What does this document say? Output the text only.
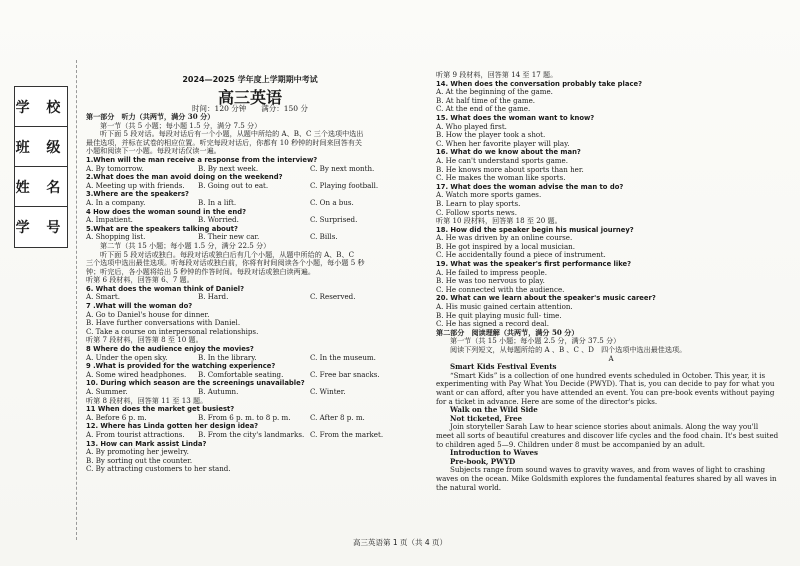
学 校
班 级
姓 名
学 号
2024—2025 学年度上学期期中考试
高三英语
时间：120 分钟　　满分：150 分
第一部分　听力（共两节，满分 30 分）
第一节（共 5 小题；每小题 1.5 分，满分 7.5 分）
听下面 5 段对话。每段对话后有一个小题，从题中所给的 A、B、C 三个选项中选出
最佳选项，并标在试卷的相应位置。听完每段对话后，你都有 10 秒钟的时间来回答有关
小题和阅读下一小题。每段对话仅读一遍。
1.When will the man receive a response from the interview?
A. By tomorrow.	B. By next week.	C. By next month.
2.What does the man avoid doing on the weekend?
A. Meeting up with friends.	B. Going out to eat.	C. Playing football.
3.Where are the speakers?
A. In a company.	B. In a lift.	C. On a bus.
4 How does the woman sound in the end?
A. Impatient.	B. Worried.	C. Surprised.
5.What are the speakers talking about?
A. Shopping list.	B. Their new car.	C. Bills.
第二节（共 15 小题；每小题 1.5 分，满分 22.5 分）
听下面 5 段对话或独白。每段对话或独白后有几个小题，从题中所给的 A、B、C
三个选项中选出最佳选项。听每段对话或独白前，你将有时间阅读各个小题，每小题 5 秒
钟；听完后，各小题将给出 5 秒钟的作答时间。每段对话或独白读两遍。
听第 6 段材料，回答第 6、7 题。
6. What does the woman think of Daniel?
A. Smart.	B. Hard.	C. Reserved.
7 .What will the woman do?
A. Go to Daniel's house for dinner.
B. Have further conversations with Daniel.
C. Take a course on interpersonal relationships.
听第 7 段材料，回答第 8 至 10 题。
8 Where do the audience enjoy the movies?
A. Under the open sky.	B. In the library.	C. In the museum.
9 .What is provided for the watching experience?
A. Some wired headphones.	B. Comfortable seating.	C. Free bar snacks.
10. During which season are the screenings unavailable?
A. Summer.	B. Autumn.	C. Winter.
听第 8 段材料，回答第 11 至 13 题。
11 When does the market get busiest?
A. Before 6 p. m.	B. From 6 p. m. to 8 p. m.	C. After 8 p. m.
12. Where has Linda gotten her design idea?
A. From tourist attractions.	B. From the city's landmarks. C. From the market.
13. How can Mark assist Linda?
A. By promoting her jewelry.
B. By sorting out the counter.
C. By attracting customers to her stand.
听第 9 段材料，回答第 14 至 17 题。
14. When does the conversation probably take place?
A. At the beginning of the game.
B. At half time of the game.
C. At the end of the game.
15. What does the woman want to know?
A. Who played first.
B. How the player took a shot.
C. When her favorite player will play.
16. What do we know about the man?
A. He can't understand sports game.
B. He knows more about sports than her.
C. He makes the woman like sports.
17. What does the woman advise the man to do?
A. Watch more sports games.
B. Learn to play sports.
C. Follow sports news.
听第 10 段材料，回答第 18 至 20 题。
18. How did the speaker begin his musical journey?
A. He was driven by an online course.
B. He got inspired by a local musician.
C. He accidentally found a piece of instrument.
19. What was the speaker's first performance like?
A. He failed to impress people.
B. He was too nervous to play.
C. He connected with the audience.
20. What can we learn about the speaker's music career?
A. His music gained certain attention.
B. He quit playing music full- time.
C. He has signed a record deal.
第二部分　阅读理解（共两节，满分 50 分）
第一节（共 15 小题；每小题 2.5 分，满分 37.5 分）
阅读下列短文，从每题所给的 A 、B 、C 、D　四个选项中选出最佳选项。
A
Smart Kids Festival Events
“Smart Kids” is a collection of one hundred events scheduled in October. This year, it is
experimenting with Pay What You Decide (PWYD). That is, you can decide to pay for what you
want or can afford, after you have attended an event. You can pre-book events without paying
for a ticket in advance. Here are some of the director's picks.
Walk on the Wild Side
Not ticketed, Free
Join storyteller Sarah Law to hear science stories about animals. Along the way you'll
meet all sorts of beautiful creatures and discover life cycles and the food chain. It's best suited
to children aged 5—9. Children under 8 must be accompanied by an adult.
Introduction to Waves
Pre-book, PWYD
Subjects range from sound waves to gravity waves, and from waves of light to crashing
waves on the ocean. Mike Goldsmith explores the fundamental features shared by all waves in
the natural world.
高三英语第 1 页（共 4 页）
